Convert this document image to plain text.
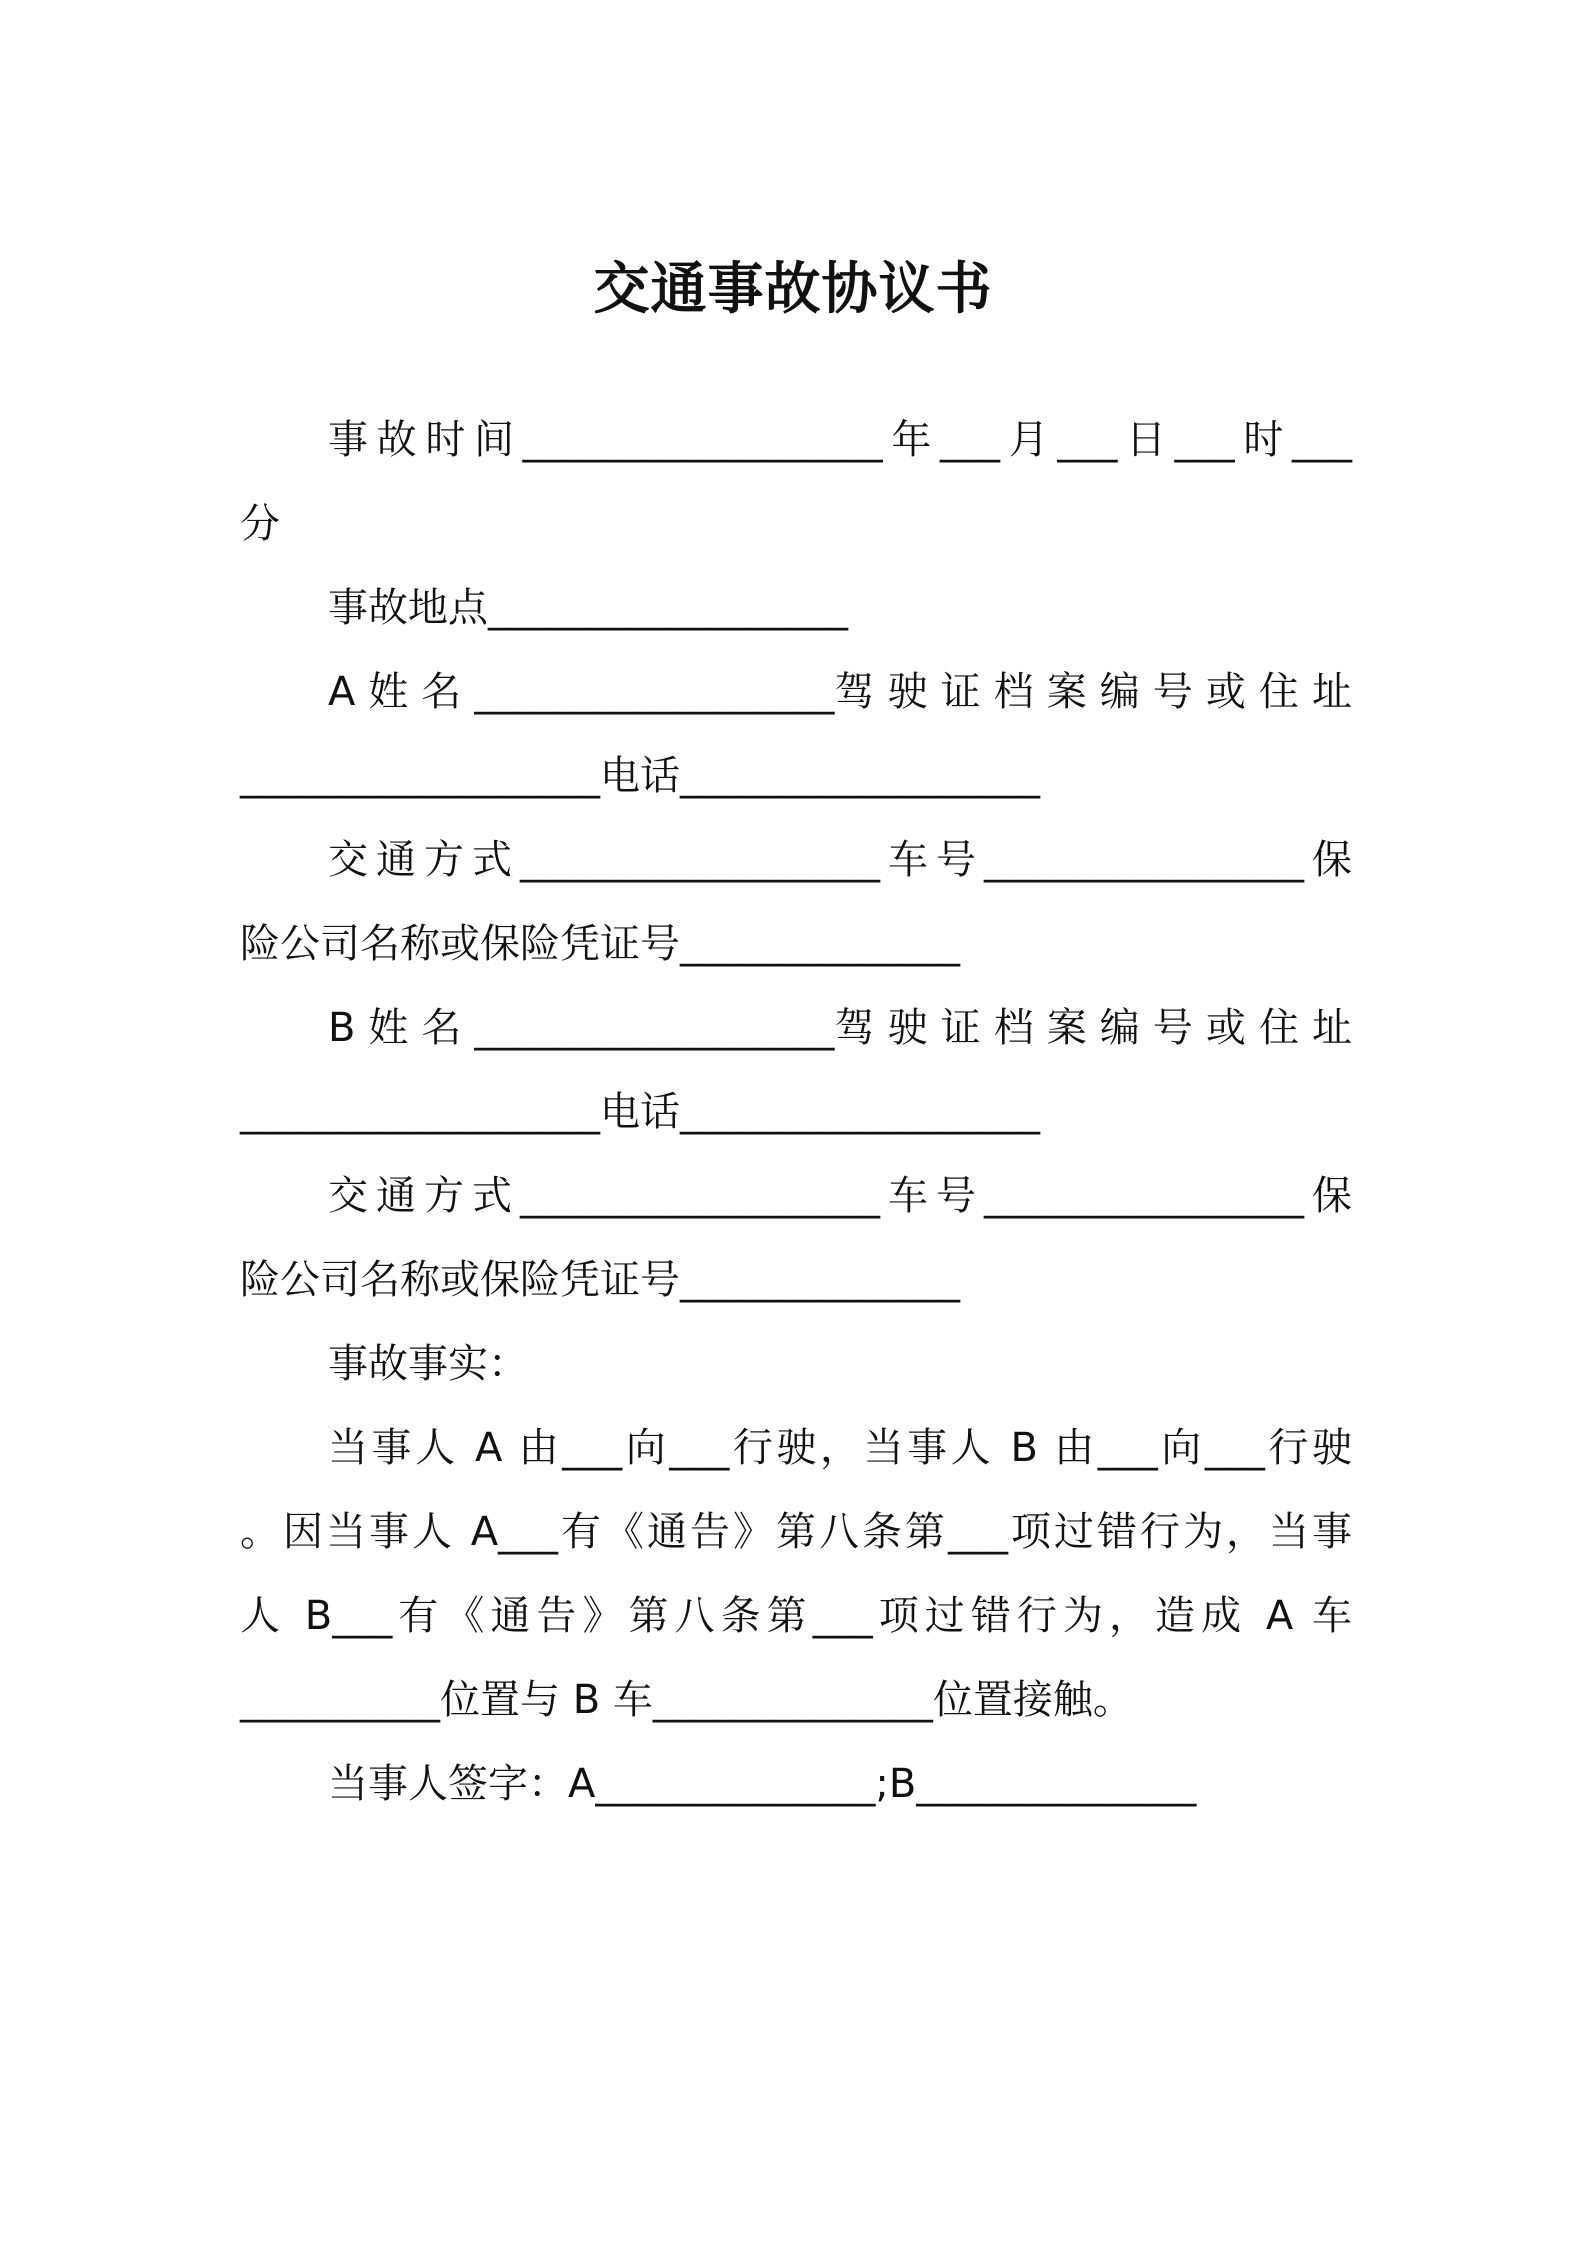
交通事故协议书
事故时间__________________年___月___日___时___
分
事故地点__________________
A 姓 名 __________________驾 驶 证 档 案 编 号 或 住 址
__________________电话__________________
交通方式__________________车号________________保
险公司名称或保险凭证号______________
B 姓 名 __________________驾 驶 证 档 案 编 号 或 住 址
__________________电话__________________
交通方式__________________车号________________保
险公司名称或保险凭证号______________
事故事实：
当事人 A 由___向___行驶，当事人 B 由___向___行驶
。因当事人 A___有《通告》第八条第___项过错行为，当事
人 B___有《通告》第八条第___项过错行为，造成 A 车
__________位置与 B 车______________位置接触。
当事人签字：A______________;B______________
